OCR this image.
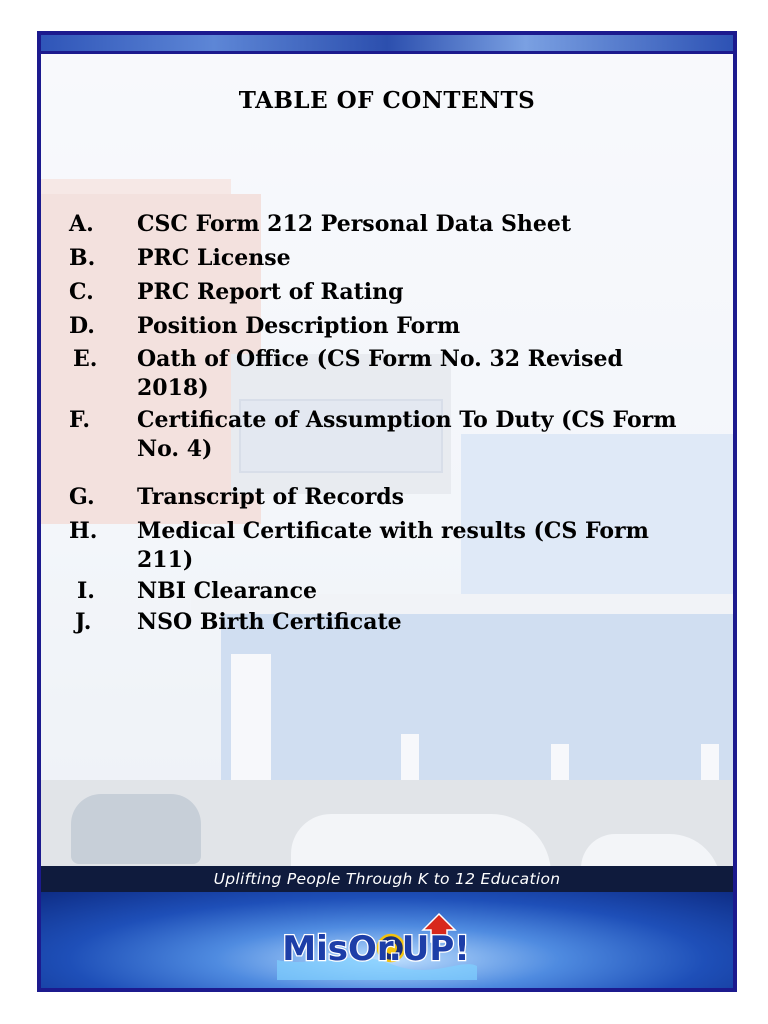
TABLE OF CONTENTS
A. CSC Form 212 Personal Data Sheet
B. PRC License
C. PRC Report of Rating
D. Position Description Form
E. Oath of Office (CS Form No. 32 Revised 2018)
F. Certificate of Assumption To Duty (CS Form No. 4)
G. Transcript of Records
H. Medical Certificate with results (CS Form 211)
I. NBI Clearance
J. NSO Birth Certificate
Uplifting People Through K to 12 Education
MisOr.UP!
